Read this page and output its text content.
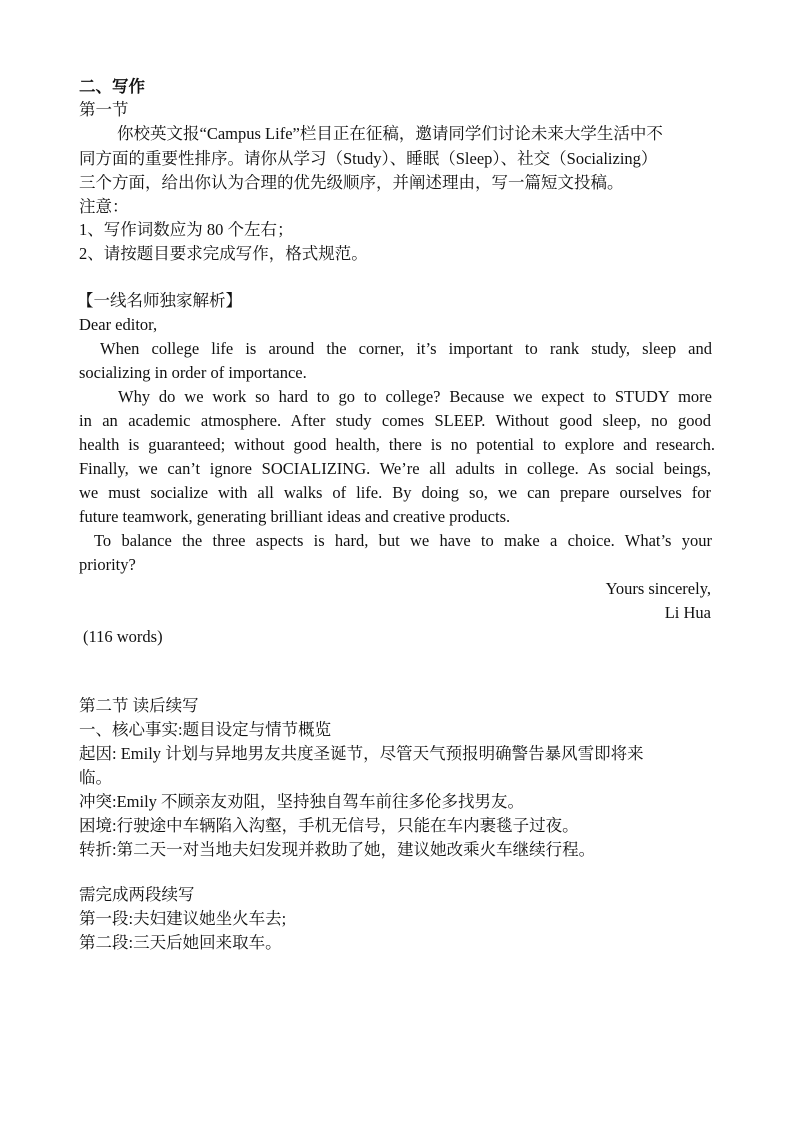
二、写作
第一节
你校英文报“Campus Life”栏目正在征稿，邀请同学们讨论未来大学生活中不
同方面的重要性排序。请你从学习（Study）、睡眠（Sleep）、社交（Socializing）
三个方面，给出你认为合理的优先级顺序，并阐述理由，写一篇短文投稿。
注意：
1、写作词数应为 80 个左右；
2、请按题目要求完成写作，格式规范。
【一线名师独家解析】
Dear editor,
When college life is around the corner, it’s important to rank study, sleep and
socializing in order of importance.
Why do we work so hard to go to college? Because we expect to STUDY more
in an academic atmosphere. After study comes SLEEP. Without good sleep, no good
health is guaranteed; without good health, there is no potential to explore and research.
Finally, we can’t ignore SOCIALIZING. We’re all adults in college. As social beings,
we must socialize with all walks of life. By doing so, we can prepare ourselves for
future teamwork, generating brilliant ideas and creative products.
To balance the three aspects is hard, but we have to make a choice. What’s your
priority?
Yours sincerely,
Li Hua
(116 words)
第二节 读后续写
一、核心事实:题目设定与情节概览
起因: Emily 计划与异地男友共度圣诞节，尽管天气预报明确警告暴风雪即将来
临。
冲突:Emily 不顾亲友劝阻，坚持独自驾车前往多伦多找男友。
困境:行驶途中车辆陷入沟壑，手机无信号，只能在车内裹毯子过夜。
转折:第二天一对当地夫妇发现并救助了她，建议她改乘火车继续行程。
需完成两段续写
第一段:夫妇建议她坐火车去;
第二段:三天后她回来取车。
